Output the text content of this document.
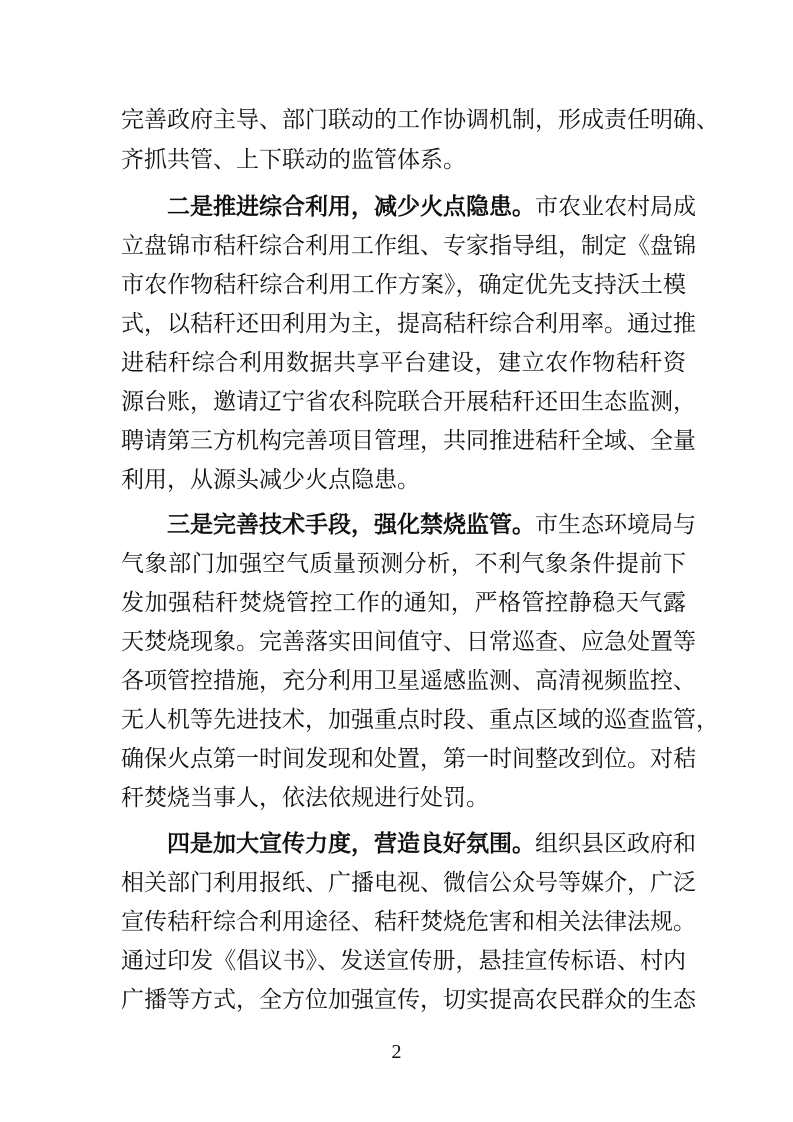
完善政府主导、部门联动的工作协调机制，形成责任明确、
齐抓共管、上下联动的监管体系。
二是推进综合利用，减少火点隐患。市农业农村局成
立盘锦市秸秆综合利用工作组、专家指导组，制定《盘锦
市农作物秸秆综合利用工作方案》，确定优先支持沃土模
式，以秸秆还田利用为主，提高秸秆综合利用率。通过推
进秸秆综合利用数据共享平台建设，建立农作物秸秆资
源台账，邀请辽宁省农科院联合开展秸秆还田生态监测，
聘请第三方机构完善项目管理，共同推进秸秆全域、全量
利用，从源头减少火点隐患。
三是完善技术手段，强化禁烧监管。市生态环境局与
气象部门加强空气质量预测分析，不利气象条件提前下
发加强秸秆焚烧管控工作的通知，严格管控静稳天气露
天焚烧现象。完善落实田间值守、日常巡查、应急处置等
各项管控措施，充分利用卫星遥感监测、高清视频监控、
无人机等先进技术，加强重点时段、重点区域的巡查监管，
确保火点第一时间发现和处置，第一时间整改到位。对秸
秆焚烧当事人，依法依规进行处罚。
四是加大宣传力度，营造良好氛围。组织县区政府和
相关部门利用报纸、广播电视、微信公众号等媒介，广泛
宣传秸秆综合利用途径、秸秆焚烧危害和相关法律法规。
通过印发《倡议书》、发送宣传册，悬挂宣传标语、村内
广播等方式，全方位加强宣传，切实提高农民群众的生态
2
